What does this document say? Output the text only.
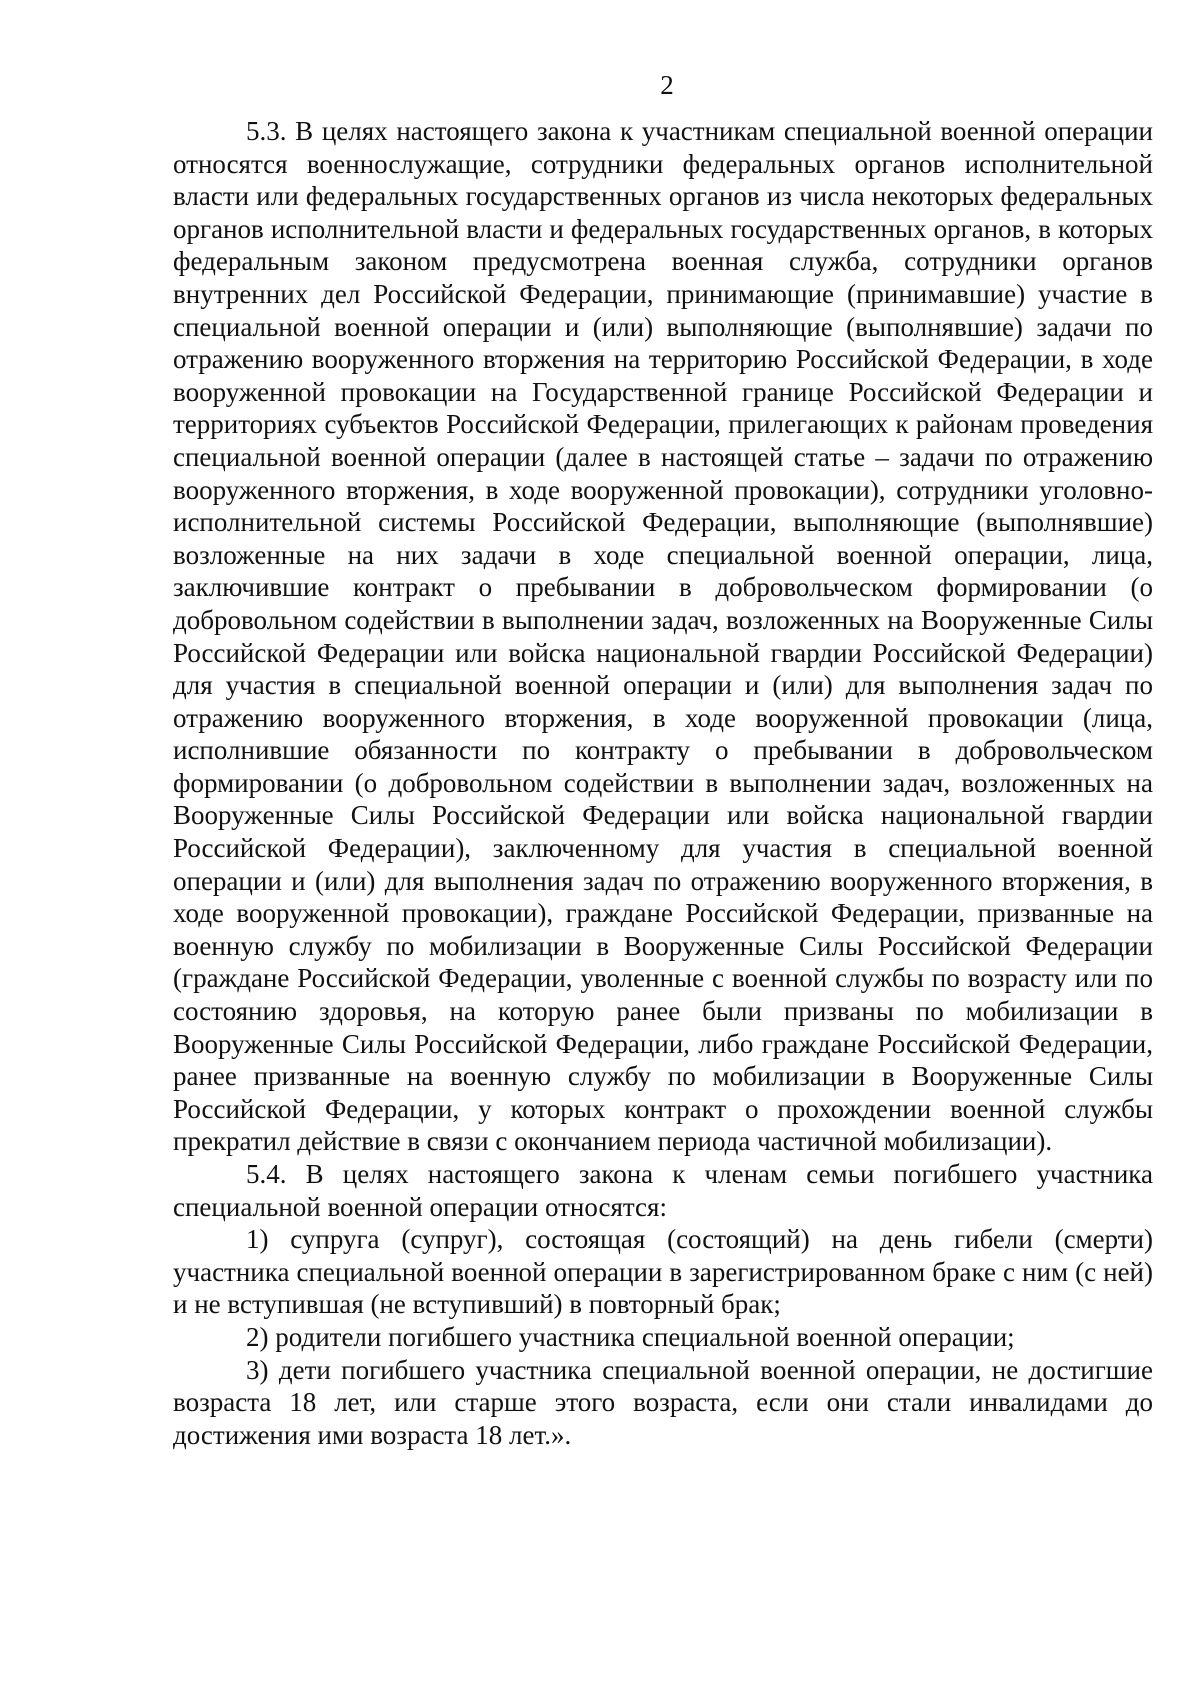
2

5.3. В целях настоящего закона к участникам специальной военной операции относятся военнослужащие, сотрудники федеральных органов исполнительной власти или федеральных государственных органов из числа некоторых федеральных органов исполнительной власти и федеральных государственных органов, в которых федеральным законом предусмотрена военная служба, сотрудники органов внутренних дел Российской Федерации, принимающие (принимавшие) участие в специальной военной операции и (или) выполняющие (выполнявшие) задачи по отражению вооруженного вторжения на территорию Российской Федерации, в ходе вооруженной провокации на Государственной границе Российской Федерации и территориях субъектов Российской Федерации, прилегающих к районам проведения специальной военной операции (далее в настоящей статье – задачи по отражению вооруженного вторжения, в ходе вооруженной провокации), сотрудники уголовно-исполнительной системы Российской Федерации, выполняющие (выполнявшие) возложенные на них задачи в ходе специальной военной операции, лица, заключившие контракт о пребывании в добровольческом формировании (о добровольном содействии в выполнении задач, возложенных на Вооруженные Силы Российской Федерации или войска национальной гвардии Российской Федерации) для участия в специальной военной операции и (или) для выполнения задач по отражению вооруженного вторжения, в ходе вооруженной провокации (лица, исполнившие обязанности по контракту о пребывании в добровольческом формировании (о добровольном содействии в выполнении задач, возложенных на Вооруженные Силы Российской Федерации или войска национальной гвардии Российской Федерации), заключенному для участия в специальной военной операции и (или) для выполнения задач по отражению вооруженного вторжения, в ходе вооруженной провокации), граждане Российской Федерации, призванные на военную службу по мобилизации в Вооруженные Силы Российской Федерации (граждане Российской Федерации, уволенные с военной службы по возрасту или по состоянию здоровья, на которую ранее были призваны по мобилизации в Вооруженные Силы Российской Федерации, либо граждане Российской Федерации, ранее призванные на военную службу по мобилизации в Вооруженные Силы Российской Федерации, у которых контракт о прохождении военной службы прекратил действие в связи с окончанием периода частичной мобилизации).

5.4. В целях настоящего закона к членам семьи погибшего участника специальной военной операции относятся:

1) супруга (супруг), состоящая (состоящий) на день гибели (смерти) участника специальной военной операции в зарегистрированном браке с ним (с ней) и не вступившая (не вступивший) в повторный брак;

2) родители погибшего участника специальной военной операции;

3) дети погибшего участника специальной военной операции, не достигшие возраста 18 лет, или старше этого возраста, если они стали инвалидами до достижения ими возраста 18 лет.».
